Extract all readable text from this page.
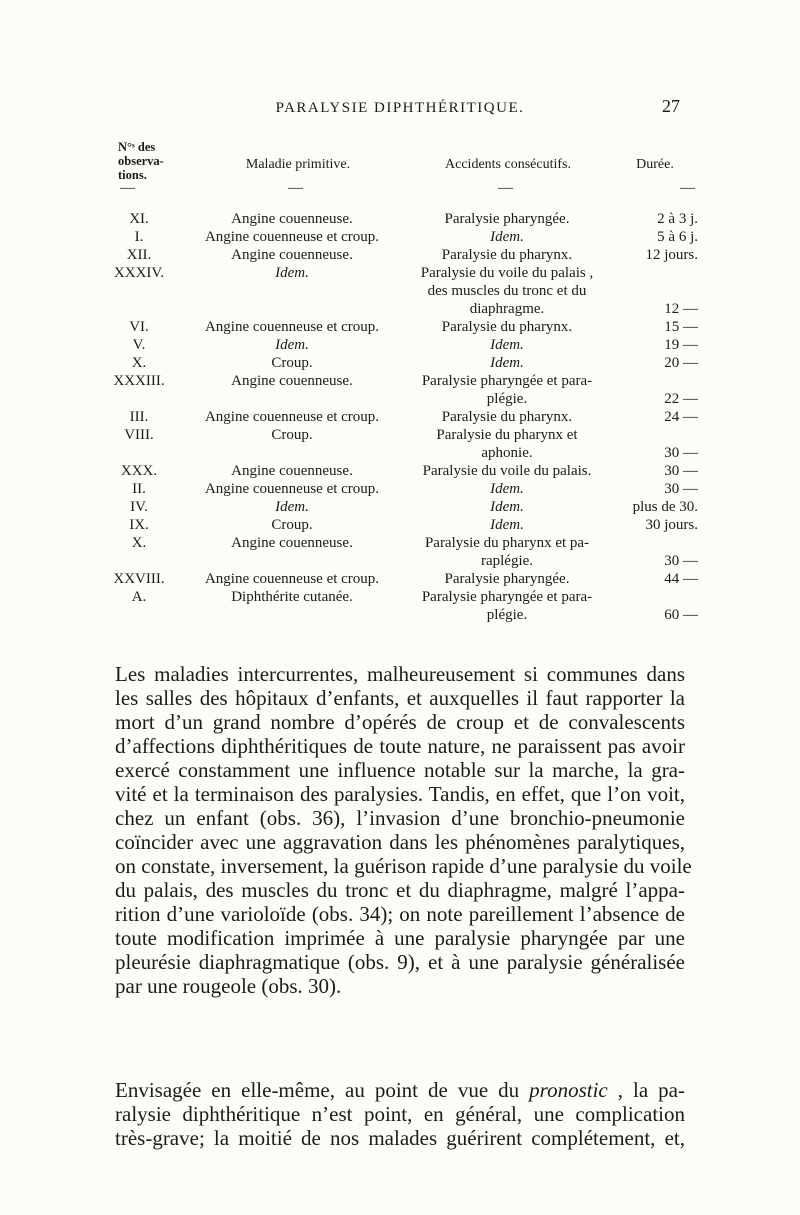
PARALYSIE DIPHTHÉRITIQUE.	27
N°ˢ des
observa-
tions.
Maladie primitive.	Accidents consécutifs.	Durée.
—	—	—	—
XI.	Angine couenneuse.	Paralysie pharyngée.	2 à 3 j.
I.	Angine couenneuse et croup.	Idem.	5 à 6 j.
XII.	Angine couenneuse.	Paralysie du pharynx.	12 jours.
XXXIV.	Idem.	Paralysie du voile du palais ,
des muscles du tronc et du
diaphragme.	12 —
VI.	Angine couenneuse et croup.	Paralysie du pharynx.	15 —
V.	Idem.	Idem.	19 —
X.	Croup.	Idem.	20 —
XXXIII.	Angine couenneuse.	Paralysie pharyngée et para-
plégie.	22 —
III.	Angine couenneuse et croup.	Paralysie du pharynx.	24 —
VIII.	Croup.	Paralysie du pharynx et
aphonie.	30 —
XXX.	Angine couenneuse.	Paralysie du voile du palais.	30 —
II.	Angine couenneuse et croup.	Idem.	30 —
IV.	Idem.	Idem.	plus de 30.
IX.	Croup.	Idem.	30 jours.
X.	Angine couenneuse.	Paralysie du pharynx et pa-
raplégie.	30 —
XXVIII.	Angine couenneuse et croup.	Paralysie pharyngée.	44 —
A.	Diphthérite cutanée.	Paralysie pharyngée et para-
plégie.	60 —
Les maladies intercurrentes, malheureusement si communes dans
les salles des hôpitaux d’enfants, et auxquelles il faut rapporter la
mort d’un grand nombre d’opérés de croup et de convalescents
d’affections diphthéritiques de toute nature, ne paraissent pas avoir
exercé constamment une influence notable sur la marche, la gra-
vité et la terminaison des paralysies. Tandis, en effet, que l’on voit,
chez un enfant (obs. 36), l’invasion d’une bronchio-pneumonie
coïncider avec une aggravation dans les phénomènes paralytiques,
on constate, inversement, la guérison rapide d’une paralysie du voile
du palais, des muscles du tronc et du diaphragme, malgré l’appa-
rition d’une varioloïde (obs. 34); on note pareillement l’absence de
toute modification imprimée à une paralysie pharyngée par une
pleurésie diaphragmatique (obs. 9), et à une paralysie généralisée
par une rougeole (obs. 30).
Envisagée en elle-même, au point de vue du pronostic , la pa-
ralysie diphthéritique n’est point, en général, une complication
très-grave; la moitié de nos malades guérirent complétement, et,
